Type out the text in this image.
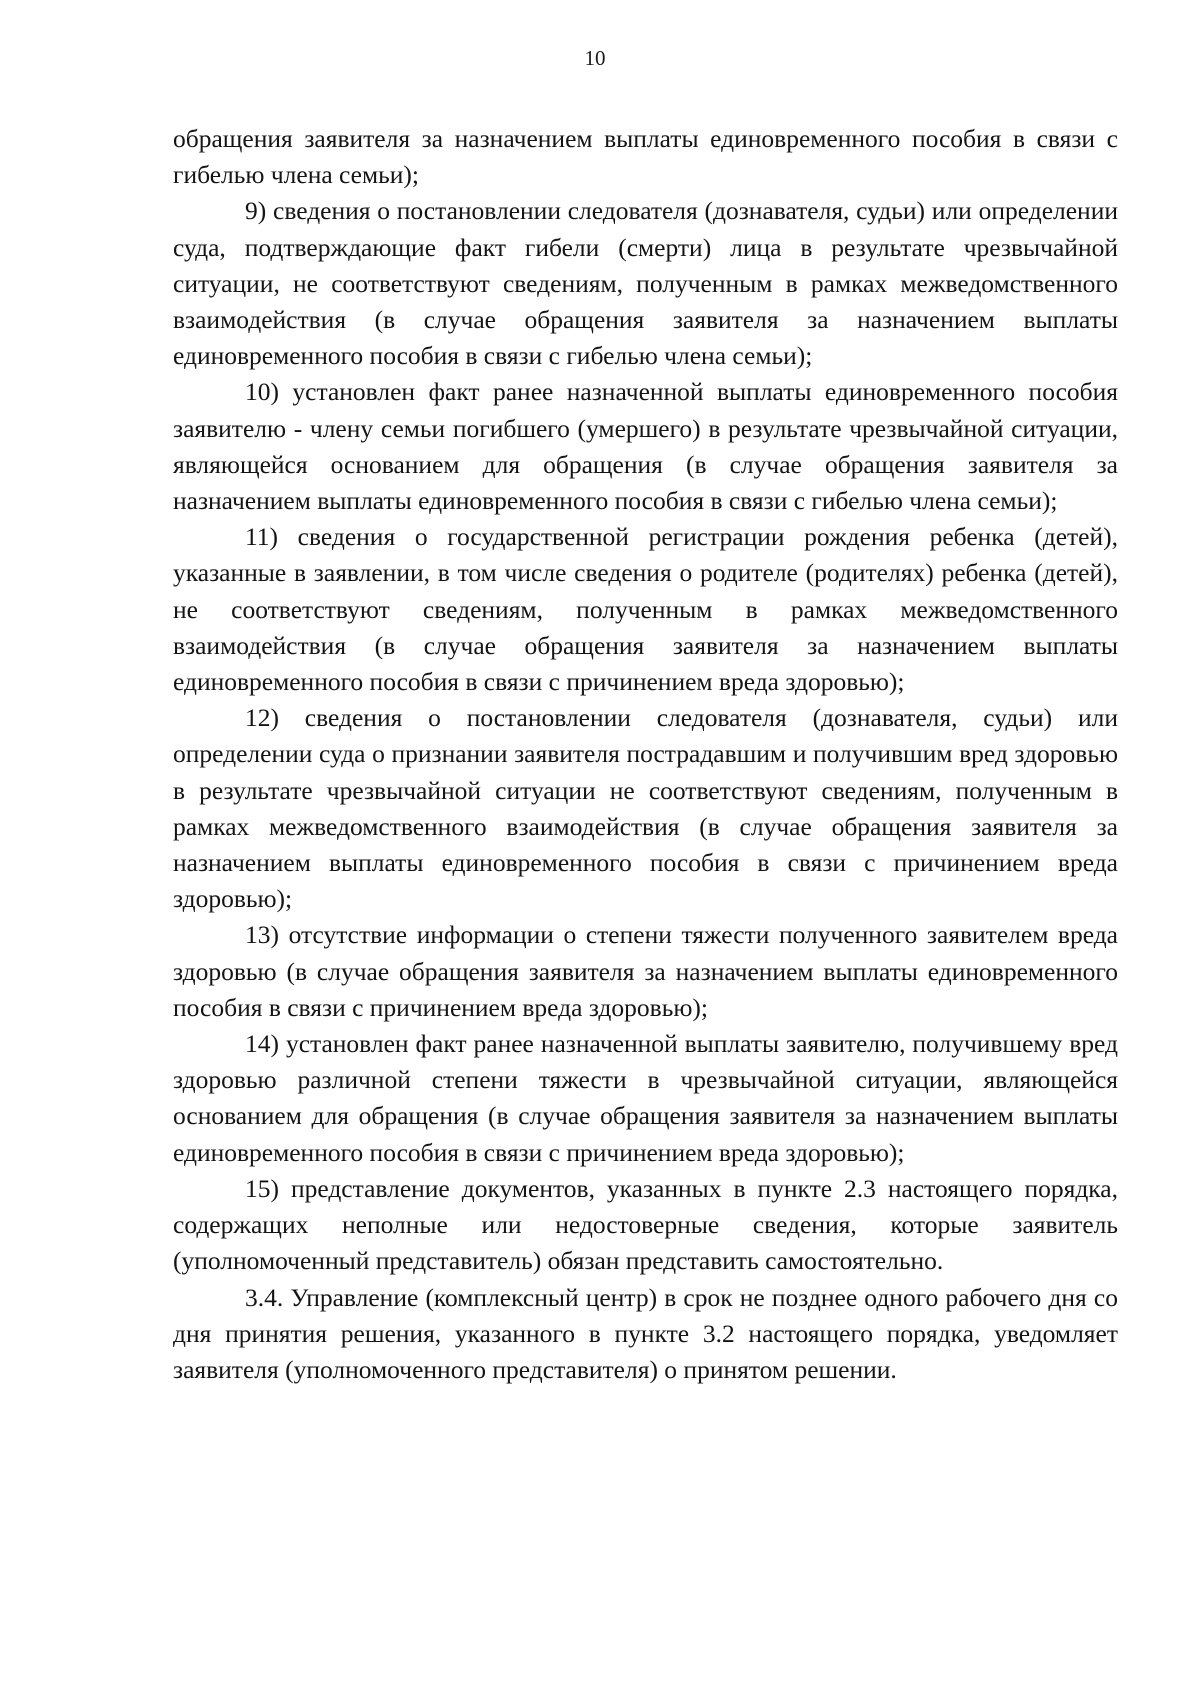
10

обращения заявителя за назначением выплаты единовременного пособия в связи с гибелью члена семьи);

9) сведения о постановлении следователя (дознавателя, судьи) или определении суда, подтверждающие факт гибели (смерти) лица в результате чрезвычайной ситуации, не соответствуют сведениям, полученным в рамках межведомственного взаимодействия (в случае обращения заявителя за назначением выплаты единовременного пособия в связи с гибелью члена семьи);

10) установлен факт ранее назначенной выплаты единовременного пособия заявителю - члену семьи погибшего (умершего) в результате чрезвычайной ситуации, являющейся основанием для обращения (в случае обращения заявителя за назначением выплаты единовременного пособия в связи с гибелью члена семьи);

11) сведения о государственной регистрации рождения ребенка (детей), указанные в заявлении, в том числе сведения о родителе (родителях) ребенка (детей), не соответствуют сведениям, полученным в рамках межведомственного взаимодействия (в случае обращения заявителя за назначением выплаты единовременного пособия в связи с причинением вреда здоровью);

12) сведения о постановлении следователя (дознавателя, судьи) или определении суда о признании заявителя пострадавшим и получившим вред здоровью в результате чрезвычайной ситуации не соответствуют сведениям, полученным в рамках межведомственного взаимодействия (в случае обращения заявителя за назначением выплаты единовременного пособия в связи с причинением вреда здоровью);

13) отсутствие информации о степени тяжести полученного заявителем вреда здоровью (в случае обращения заявителя за назначением выплаты единовременного пособия в связи с причинением вреда здоровью);

14) установлен факт ранее назначенной выплаты заявителю, получившему вред здоровью различной степени тяжести в чрезвычайной ситуации, являющейся основанием для обращения (в случае обращения заявителя за назначением выплаты единовременного пособия в связи с причинением вреда здоровью);

15) представление документов, указанных в пункте 2.3 настоящего порядка, содержащих неполные или недостоверные сведения, которые заявитель (уполномоченный представитель) обязан представить самостоятельно.

3.4. Управление (комплексный центр) в срок не позднее одного рабочего дня со дня принятия решения, указанного в пункте 3.2 настоящего порядка, уведомляет заявителя (уполномоченного представителя) о принятом решении.
